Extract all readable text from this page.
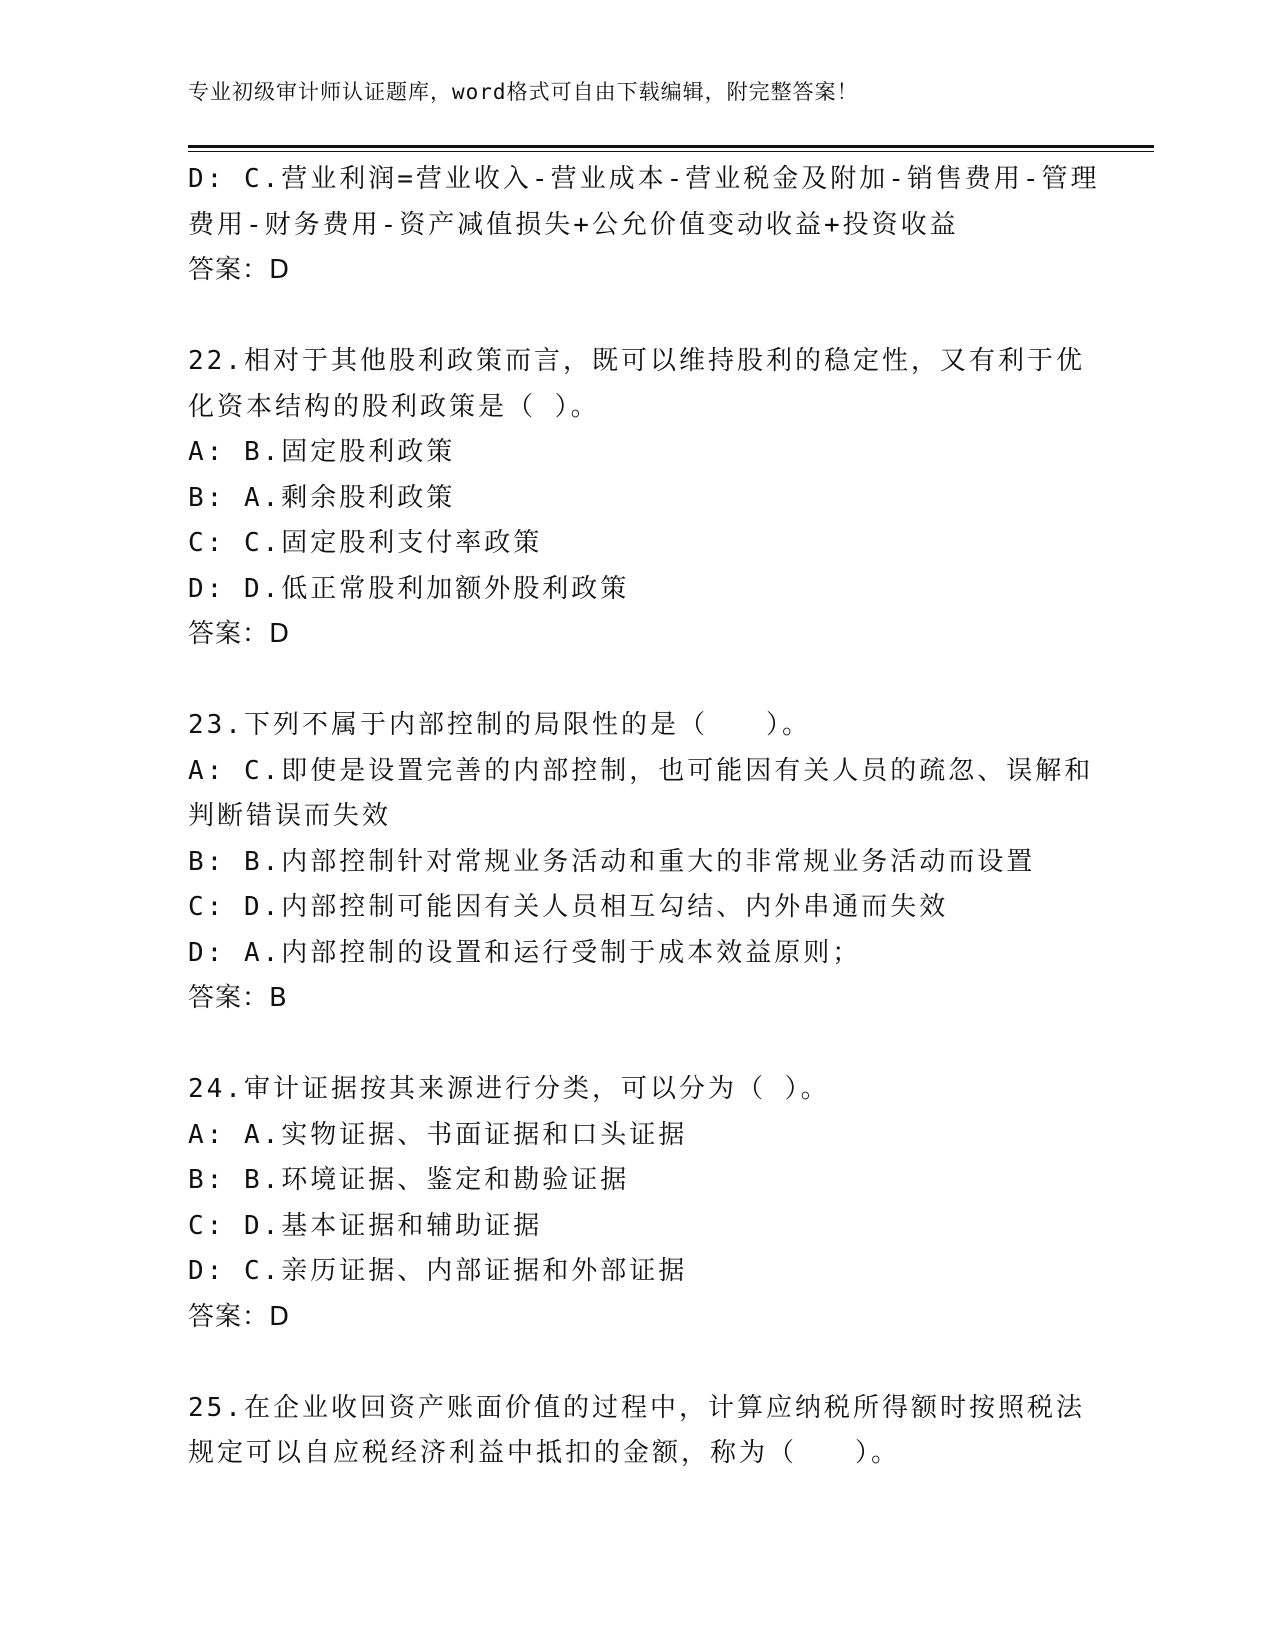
专业初级审计师认证题库，word格式可自由下载编辑，附完整答案！
D: C.营业利润=营业收入-营业成本-营业税金及附加-销售费用-管理
费用-财务费用-资产减值损失+公允价值变动收益+投资收益
答案：D
22.相对于其他股利政策而言，既可以维持股利的稳定性，又有利于优
化资本结构的股利政策是（ ）。
A: B.固定股利政策
B: A.剩余股利政策
C: C.固定股利支付率政策
D: D.低正常股利加额外股利政策
答案：D
23.下列不属于内部控制的局限性的是（　　）。
A: C.即使是设置完善的内部控制，也可能因有关人员的疏忽、误解和
判断错误而失效
B: B.内部控制针对常规业务活动和重大的非常规业务活动而设置
C: D.内部控制可能因有关人员相互勾结、内外串通而失效
D: A.内部控制的设置和运行受制于成本效益原则；
答案：B
24.审计证据按其来源进行分类，可以分为（ ）。
A: A.实物证据、书面证据和口头证据
B: B.环境证据、鉴定和勘验证据
C: D.基本证据和辅助证据
D: C.亲历证据、内部证据和外部证据
答案：D
25.在企业收回资产账面价值的过程中，计算应纳税所得额时按照税法
规定可以自应税经济利益中抵扣的金额，称为（　　）。
